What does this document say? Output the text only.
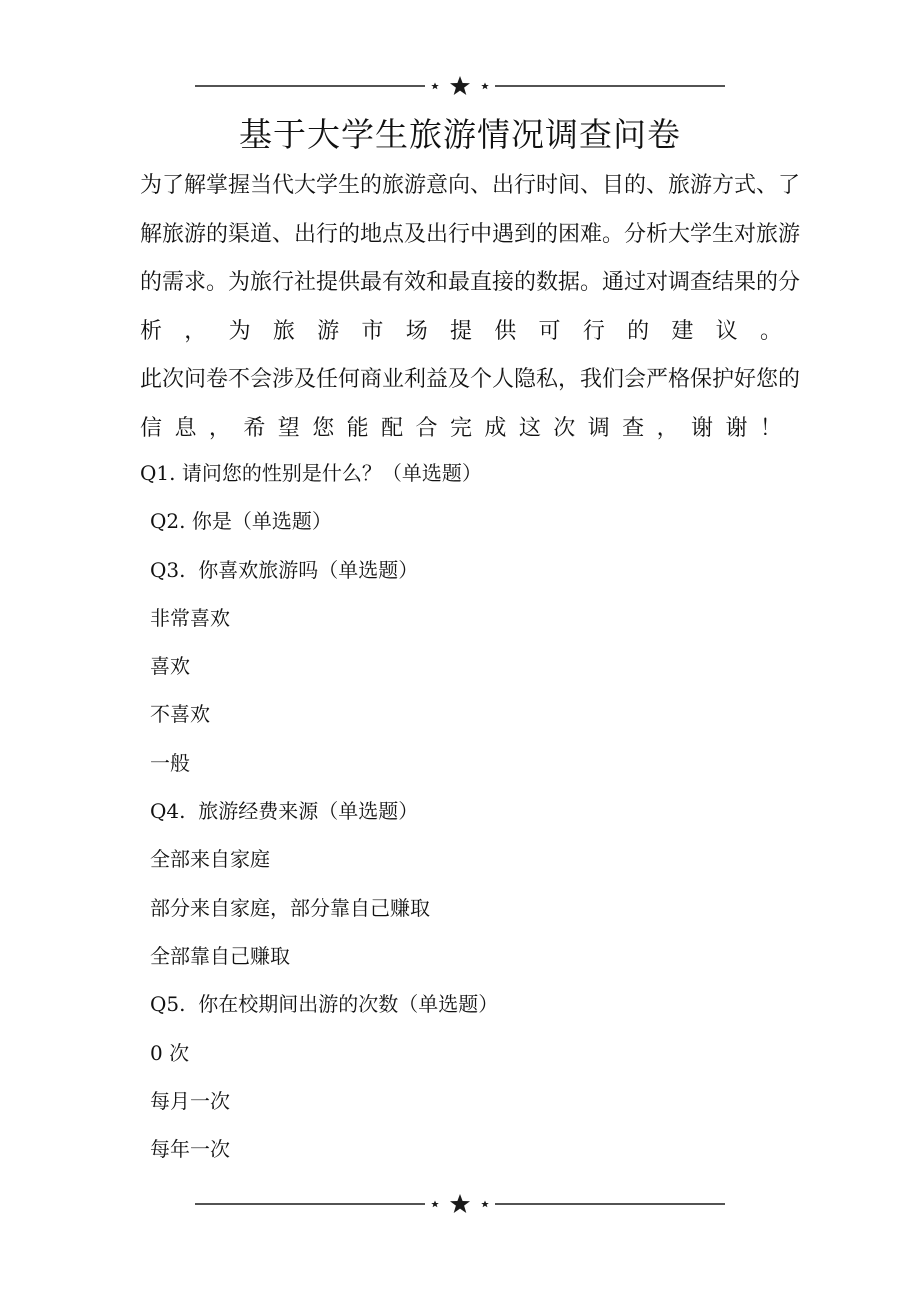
基于大学生旅游情况调查问卷
为了解掌握当代大学生的旅游意向、出行时间、目的、旅游方式、了
解旅游的渠道、出行的地点及出行中遇到的困难。分析大学生对旅游
的需求。为旅行社提供最有效和最直接的数据。通过对调查结果的分
析 ， 为 旅 游 市 场 提 供 可 行 的 建 议 。
此次问卷不会涉及任何商业利益及个人隐私，我们会严格保护好您的
信 息 ， 希 望 您 能 配 合 完 成 这 次 调 查 ， 谢 谢 ！
Q1. 请问您的性别是什么？（单选题）
Q2. 你是（单选题）
Q3.  你喜欢旅游吗（单选题）
非常喜欢
喜欢
不喜欢
一般
Q4.  旅游经费来源（单选题）
全部来自家庭
部分来自家庭，部分靠自己赚取
全部靠自己赚取
Q5.  你在校期间出游的次数（单选题）
0 次
每月一次
每年一次
